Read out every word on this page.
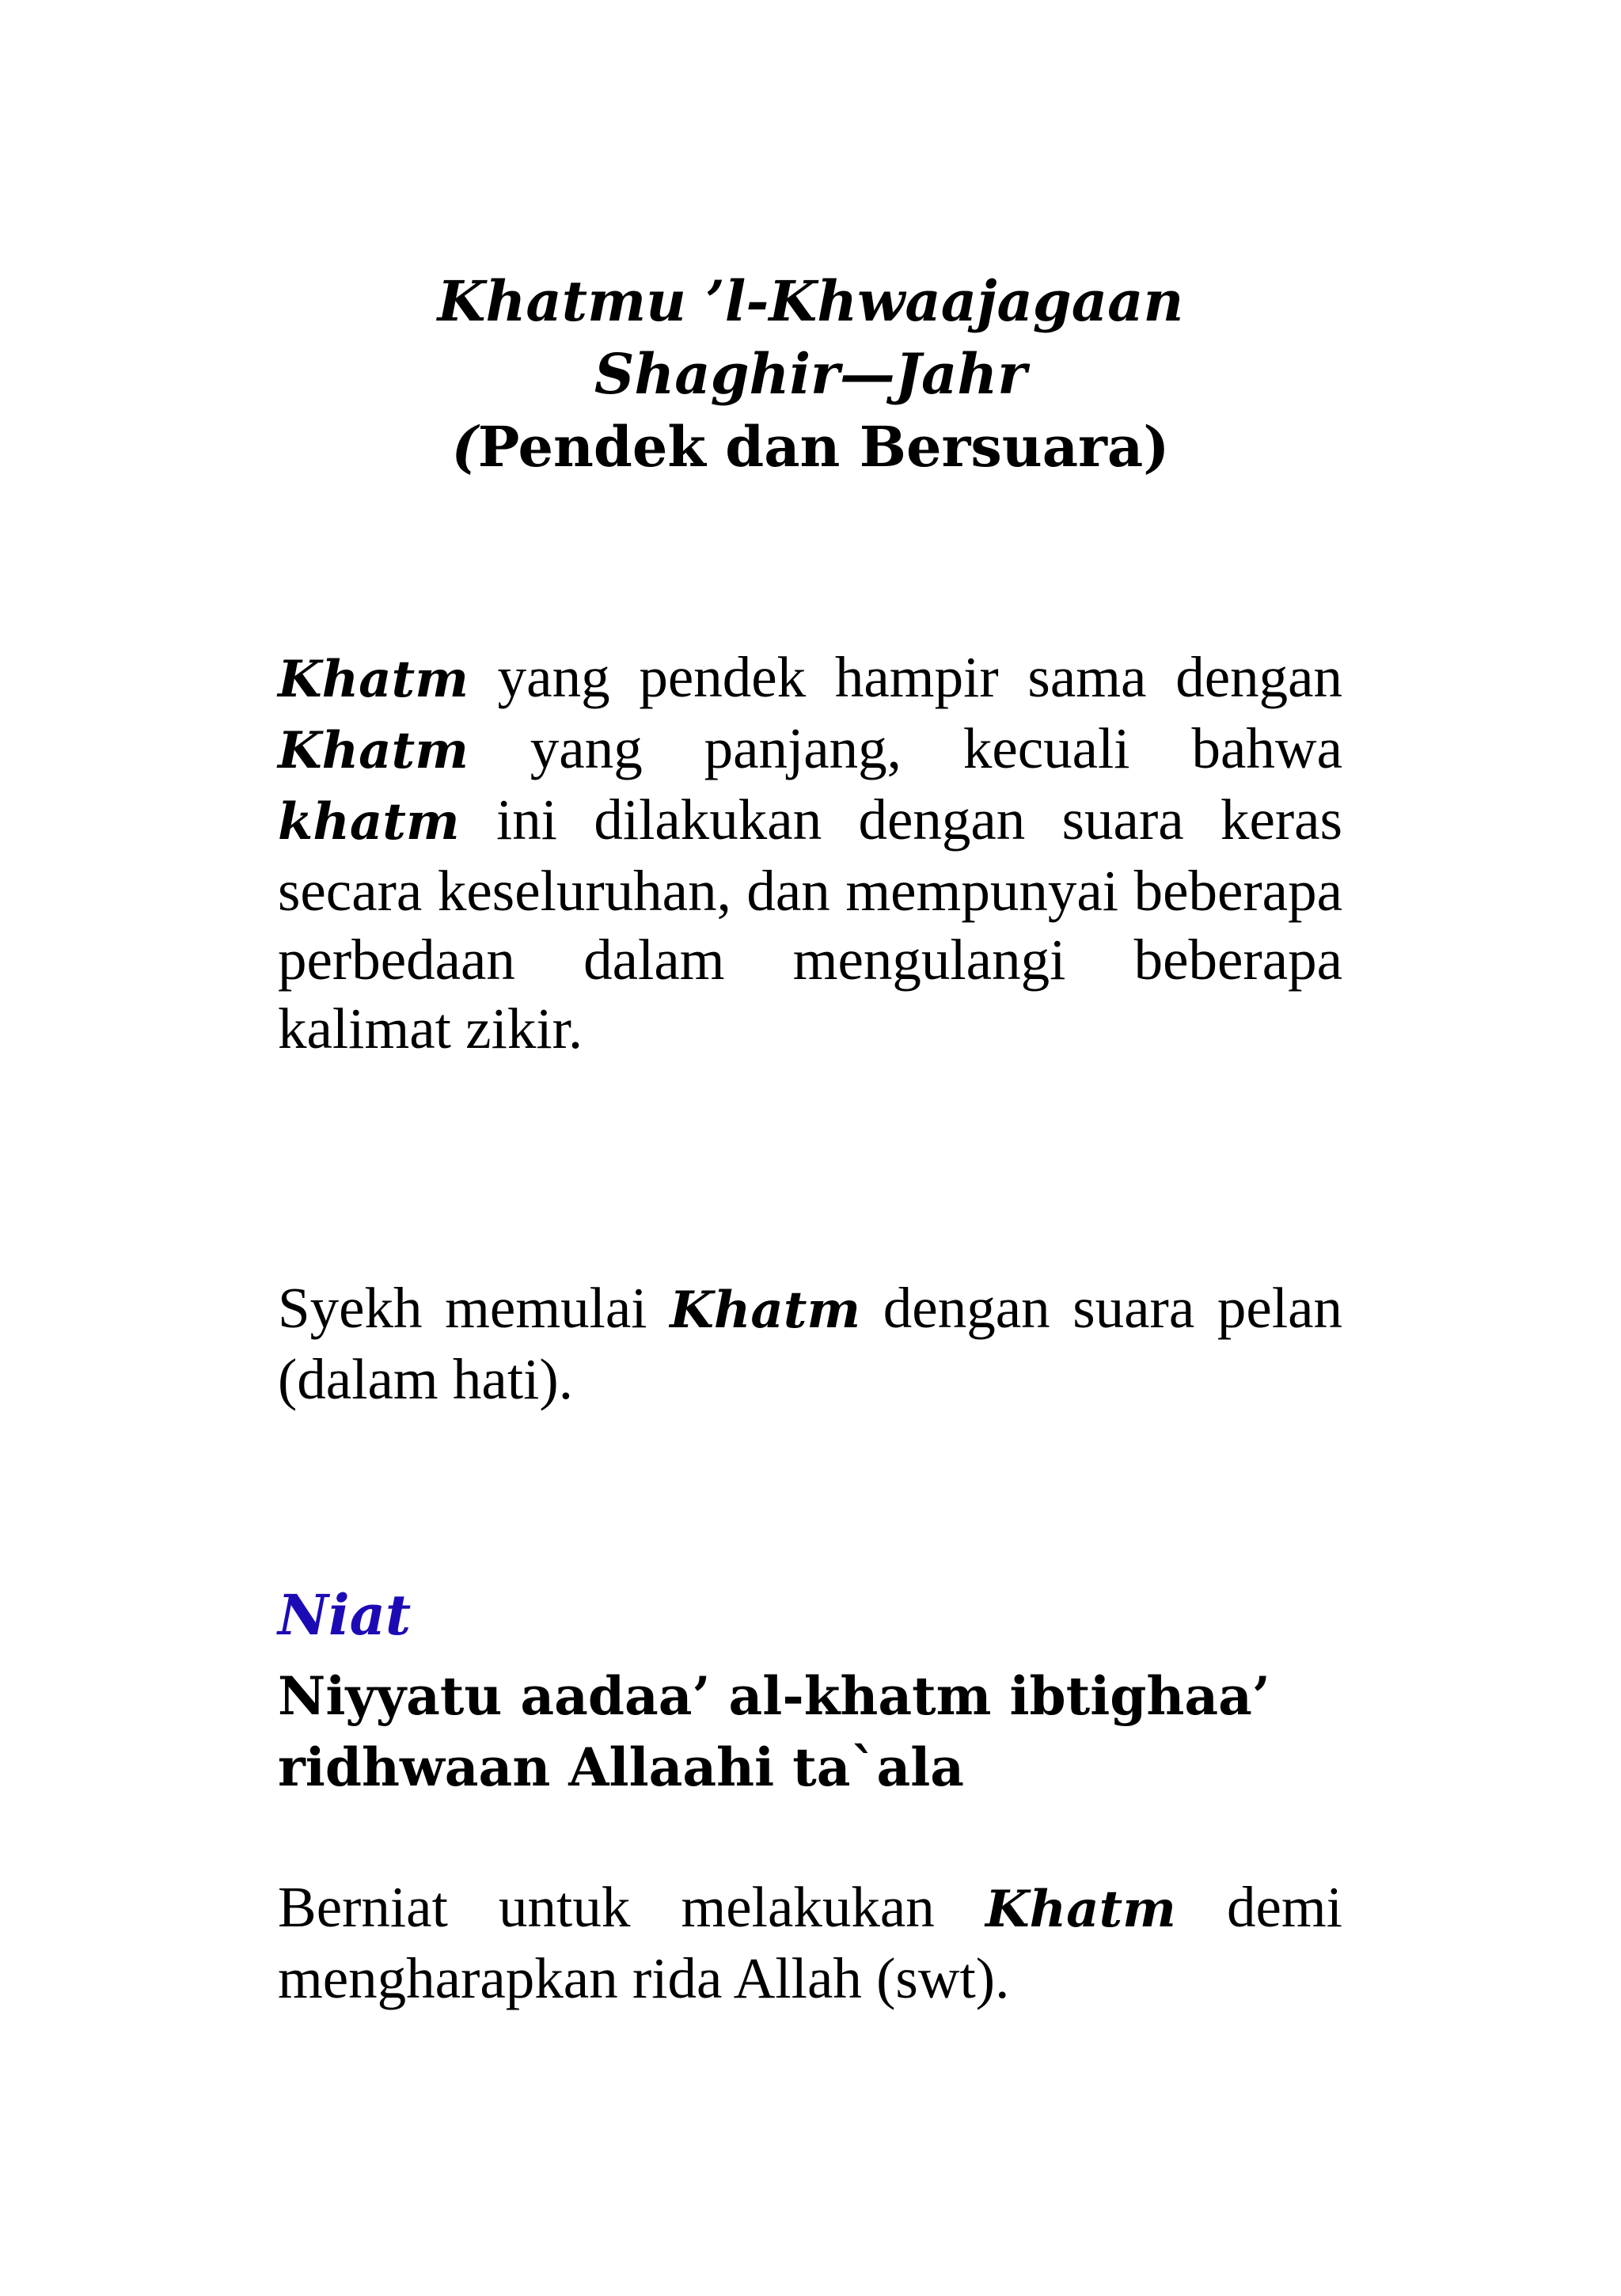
Khatmu ’l-Khwaajagaan
Shaghir—Jahr
(Pendek dan Bersuara)

Khatm yang pendek hampir sama dengan Khatm yang panjang, kecuali bahwa khatm ini dilakukan dengan suara keras secara keseluruhan, dan mempunyai beberapa perbedaan dalam mengulangi beberapa kalimat zikir.

Syekh memulai Khatm dengan suara pelan (dalam hati).

Niat
Niyyatu aadaa’ al-khatm ibtighaa’ ridhwaan Allaahi ta`ala

Berniat untuk melakukan Khatm demi mengharapkan rida Allah (swt).
